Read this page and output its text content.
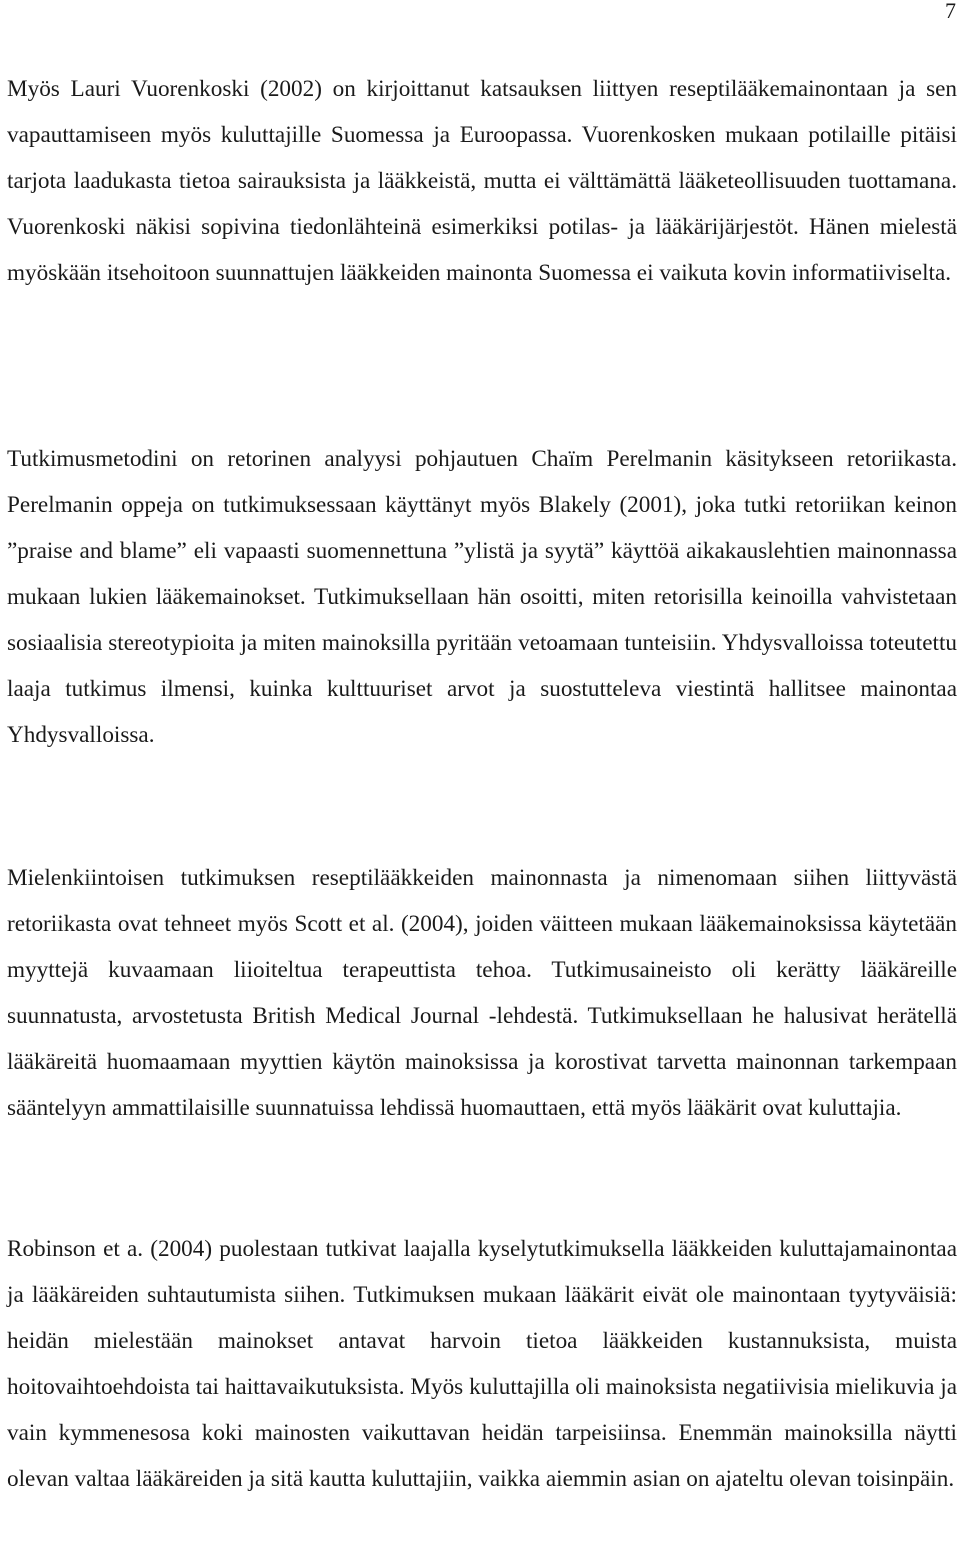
7

Myös Lauri Vuorenkoski (2002) on kirjoittanut katsauksen liittyen reseptilääkemainontaan ja sen vapauttamiseen myös kuluttajille Suomessa ja Euroopassa. Vuorenkosken mukaan potilaille pitäisi tarjota laadukasta tietoa sairauksista ja lääkkeistä, mutta ei välttämättä lääketeollisuuden tuottamana. Vuorenkoski näkisi sopivina tiedonlähteinä esimerkiksi potilas- ja lääkärijärjestöt. Hänen mielestä myöskään itsehoitoon suunnattujen lääkkeiden mainonta Suomessa ei vaikuta kovin informatiiviselta.

Tutkimusmetodini on retorinen analyysi pohjautuen Chaïm Perelmanin käsitykseen retoriikasta. Perelmanin oppeja on tutkimuksessaan käyttänyt myös Blakely (2001), joka tutki retoriikan keinon ”praise and blame” eli vapaasti suomennettuna ”ylistä ja syytä” käyttöä aikakauslehtien mainonnassa mukaan lukien lääkemainokset. Tutkimuksellaan hän osoitti, miten retorisilla keinoilla vahvistetaan sosiaalisia stereotypioita ja miten mainoksilla pyritään vetoamaan tunteisiin. Yhdysvalloissa toteutettu laaja tutkimus ilmensi, kuinka kulttuuriset arvot ja suostutteleva viestintä hallitsee mainontaa Yhdysvalloissa.

Mielenkiintoisen tutkimuksen reseptilääkkeiden mainonnasta ja nimenomaan siihen liittyvästä retoriikasta ovat tehneet myös Scott et al. (2004), joiden väitteen mukaan lääkemainoksissa käytetään myyttejä kuvaamaan liioiteltua terapeuttista tehoa. Tutkimusaineisto oli kerätty lääkäreille suunnatusta, arvostetusta British Medical Journal -lehdestä. Tutkimuksellaan he halusivat herätellä lääkäreitä huomaamaan myyttien käytön mainoksissa ja korostivat tarvetta mainonnan tarkempaan sääntelyyn ammattilaisille suunnatuissa lehdissä huomauttaen, että myös lääkärit ovat kuluttajia.

Robinson et a. (2004) puolestaan tutkivat laajalla kyselytutkimuksella lääkkeiden kuluttajamainontaa ja lääkäreiden suhtautumista siihen. Tutkimuksen mukaan lääkärit eivät ole mainontaan tyytyväisiä: heidän mielestään mainokset antavat harvoin tietoa lääkkeiden kustannuksista, muista hoitovaihtoehdoista tai haittavaikutuksista. Myös kuluttajilla oli mainoksista negatiivisia mielikuvia ja vain kymmenesosa koki mainosten vaikuttavan heidän tarpeisiinsa. Enemmän mainoksilla näytti olevan valtaa lääkäreiden ja sitä kautta kuluttajiin, vaikka aiemmin asian on ajateltu olevan toisinpäin.
